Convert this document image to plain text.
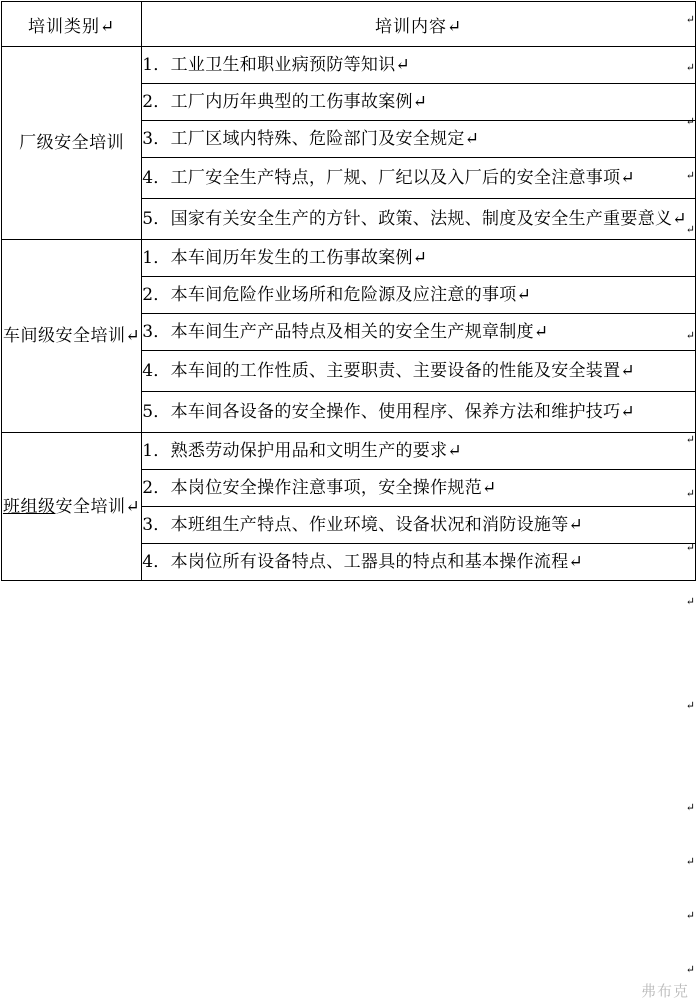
培训类别↵	培训内容↵
厂级安全培训	1．工业卫生和职业病预防等知识↵
	2．工厂内历年典型的工伤事故案例↵
	3．工厂区域内特殊、危险部门及安全规定↵
	4．工厂安全生产特点，厂规、厂纪以及入厂后的安全注意事项↵
	5．国家有关安全生产的方针、政策、法规、制度及安全生产重要意义↵
车间级安全培训↵	1．本车间历年发生的工伤事故案例↵
	2．本车间危险作业场所和危险源及应注意的事项↵
	3．本车间生产产品特点及相关的安全生产规章制度↵
	4．本车间的工作性质、主要职责、主要设备的性能及安全装置↵
	5．本车间各设备的安全操作、使用程序、保养方法和维护技巧↵
班组级安全培训↵	1．熟悉劳动保护用品和文明生产的要求↵
	2．本岗位安全操作注意事项，安全操作规范↵
	3．本班组生产特点、作业环境、设备状况和消防设施等↵
	4．本岗位所有设备特点、工器具的特点和基本操作流程↵
↵
↵
↵
↵
↵
↵
↵
↵
↵
↵
↵
↵
↵
↵
↵
弗布克
